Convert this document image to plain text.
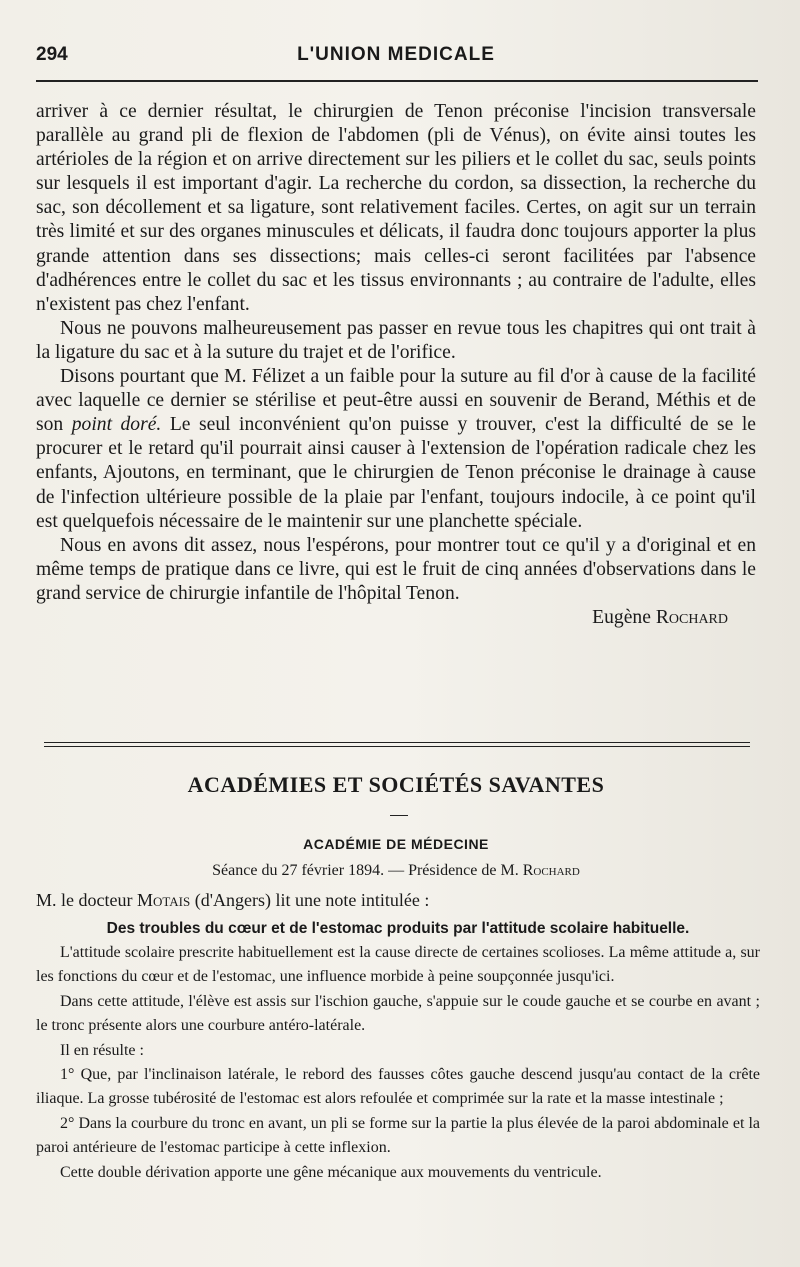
294	L'UNION MEDICALE

arriver à ce dernier résultat, le chirurgien de Tenon préconise l'incision transversale parallèle au grand pli de flexion de l'abdomen (pli de Vénus), on évite ainsi toutes les artérioles de la région et on arrive directement sur les piliers et le collet du sac, seuls points sur lesquels il est important d'agir. La recherche du cordon, sa dissection, la recherche du sac, son décollement et sa ligature, sont relativement faciles. Certes, on agit sur un terrain très limité et sur des organes minuscules et délicats, il faudra donc toujours apporter la plus grande attention dans ses dissections; mais celles-ci seront facilitées par l'absence d'adhérences entre le collet du sac et les tissus environnants ; au contraire de l'adulte, elles n'existent pas chez l'enfant.

Nous ne pouvons malheureusement pas passer en revue tous les chapitres qui ont trait à la ligature du sac et à la suture du trajet et de l'orifice.

Disons pourtant que M. Félizet a un faible pour la suture au fil d'or à cause de la facilité avec laquelle ce dernier se stérilise et peut-être aussi en souvenir de Berand, Méthis et de son point doré. Le seul inconvénient qu'on puisse y trouver, c'est la difficulté de se le procurer et le retard qu'il pourrait ainsi causer à l'extension de l'opération radicale chez les enfants, Ajoutons, en terminant, que le chirurgien de Tenon préconise le drainage à cause de l'infection ultérieure possible de la plaie par l'enfant, toujours indocile, à ce point qu'il est quelquefois nécessaire de le maintenir sur une planchette spéciale.

Nous en avons dit assez, nous l'espérons, pour montrer tout ce qu'il y a d'original et en même temps de pratique dans ce livre, qui est le fruit de cinq années d'observations dans le grand service de chirurgie infantile de l'hôpital Tenon.

Eugène Rochard

ACADÉMIES ET SOCIÉTÉS SAVANTES
ACADÉMIE DE MÉDECINE
Séance du 27 février 1894. — Présidence de M. Rochard

M. le docteur Motais (d'Angers) lit une note intitulée :

Des troubles du cœur et de l'estomac produits par l'attitude scolaire habituelle.

L'attitude scolaire prescrite habituellement est la cause directe de certaines scolioses. La même attitude a, sur les fonctions du cœur et de l'estomac, une influence morbide à peine soupçonnée jusqu'ici.

Dans cette attitude, l'élève est assis sur l'ischion gauche, s'appuie sur le coude gauche et se courbe en avant ; le tronc présente alors une courbure antéro-latérale.

Il en résulte :

1° Que, par l'inclinaison latérale, le rebord des fausses côtes gauche descend jusqu'au contact de la crête iliaque. La grosse tubérosité de l'estomac est alors refoulée et comprimée sur la rate et la masse intestinale ;

2° Dans la courbure du tronc en avant, un pli se forme sur la partie la plus élevée de la paroi abdominale et la paroi antérieure de l'estomac participe à cette inflexion.

Cette double dérivation apporte une gêne mécanique aux mouvements du ventricule.
